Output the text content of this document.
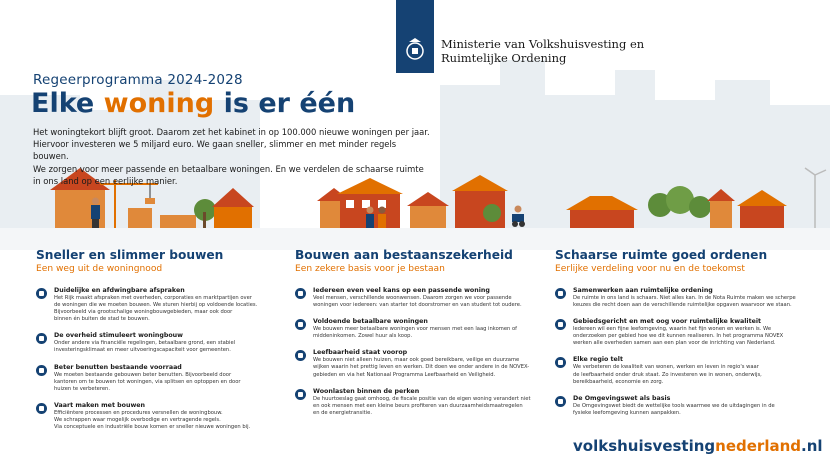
Ministerie van Volkshuisvesting en
Ruimtelijke Ordening
Regeerprogramma 2024-2028
Elke woning is er één
Het woningtekort blijft groot. Daarom zet het kabinet in op 100.000 nieuwe woningen per jaar.
Hiervoor investeren we 5 miljard euro. We gaan sneller, slimmer en met minder regels bouwen.
We zorgen voor meer passende en betaalbare woningen. En we verdelen de schaarse ruimte
in ons land op een eerlijke manier.
Sneller en slimmer bouwen
Een weg uit de woningnood
Duidelijke en afdwingbare afspraken
Het Rijk maakt afspraken met overheden, corporaties en marktpartijen over
de woningen die we moeten bouwen. We sturen hierbij op voldoende locaties.
Bijvoorbeeld via grootschalige woningbouwgebieden, maar ook door
binnen én buiten de stad te bouwen.
De overheid stimuleert woningbouw
Onder andere via financiële regelingen, betaalbare grond, een stabiel
investeringsklimaat en meer uitvoeringscapaciteit voor gemeenten.
Beter benutten bestaande voorraad
We moeten bestaande gebouwen beter benutten. Bijvoorbeeld door
kantoren om te bouwen tot woningen, via splitsen en optoppen en door
huizen te verbeteren.
Vaart maken met bouwen
Efficiëntere processen en procedures versnellen de woningbouw.
We schrappen waar mogelijk overbodige en vertragende regels.
Via conceptuele en industriële bouw komen er sneller nieuwe woningen bij.
Bouwen aan bestaanszekerheid
Een zekere basis voor je bestaan
Iedereen even veel kans op een passende woning
Veel mensen, verschillende woonwensen. Daarom zorgen we voor passende
woningen voor iedereen: van starter tot doorstromer en van student tot oudere.
Voldoende betaalbare woningen
We bouwen meer betaalbare woningen voor mensen met een laag inkomen of
middeninkomen. Zowel huur als koop.
Leefbaarheid staat voorop
We bouwen niet alleen huizen, maar ook goed bereikbare, veilige en duurzame
wijken waarin het prettig leven en werken. Dit doen we onder andere in de NOVEX-
gebieden en via het Nationaal Programma Leefbaarheid en Veiligheid.
Woonlasten binnen de perken
De huurtoeslag gaat omhoog, de fiscale positie van de eigen woning verandert niet
en ook mensen met een kleine beurs profiteren van duurzaamheidsmaatregelen
en de energietransitie.
Schaarse ruimte goed ordenen
Eerlijke verdeling voor nu en de toekomst
Samenwerken aan ruimtelijke ordening
De ruimte in ons land is schaars. Niet alles kan. In de Nota Ruimte maken we scherpe
keuzes die recht doen aan de verschillende ruimtelijke opgaven waarvoor we staan.
Gebiedsgericht en met oog voor ruimtelijke kwaliteit
Iedereen wil een fijne leefomgeving, waarin het fijn wonen en werken is. We
onderzoeken per gebied hoe we dit kunnen realiseren. In het programma NOVEX
werken alle overheden samen aan een plan voor de inrichting van Nederland.
Elke regio telt
We verbeteren de kwaliteit van wonen, werken en leven in regio's waar
de leefbaarheid onder druk staat. Zo investeren we in wonen, onderwijs,
bereikbaarheid, economie en zorg.
De Omgevingswet als basis
De Omgevingswet biedt de wettelijke tools waarmee we de uitdagingen in de
fysieke leefomgeving kunnen aanpakken.
volkshuisvestingnederland.nl
